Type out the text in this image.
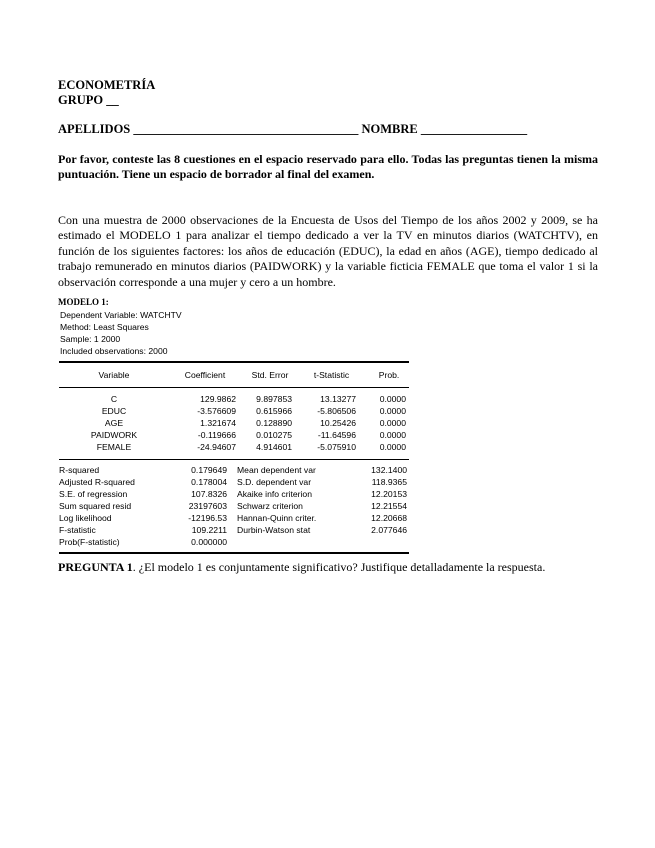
ECONOMETRÍA
GRUPO __
APELLIDOS ____________________________________ NOMBRE _________________
Por favor, conteste las 8 cuestiones en el espacio reservado para ello. Todas las preguntas tienen la misma puntuación. Tiene un espacio de borrador al final del examen.
Con una muestra de 2000 observaciones de la Encuesta de Usos del Tiempo de los años 2002 y 2009, se ha estimado el MODELO 1 para analizar el tiempo dedicado a ver la TV en minutos diarios (WATCHTV), en función de los siguientes factores: los años de educación (EDUC), la edad en años (AGE), tiempo dedicado al trabajo remunerado en minutos diarios (PAIDWORK) y la variable ficticia FEMALE que toma el valor 1 si la observación corresponde a una mujer y cero a un hombre.
MODELO 1:
Dependent Variable: WATCHTV
Method: Least Squares
Sample: 1 2000
Included observations: 2000
Variable	Coefficient	Std. Error	t-Statistic	Prob.
C	129.9862	9.897853	13.13277	0.0000
EDUC	-3.576609	0.615966	-5.806506	0.0000
AGE	1.321674	0.128890	10.25426	0.0000
PAIDWORK	-0.119666	0.010275	-11.64596	0.0000
FEMALE	-24.94607	4.914601	-5.075910	0.0000
R-squared	0.179649 Mean dependent var	132.1400
Adjusted R-squared	0.178004 S.D. dependent var	118.9365
S.E. of regression	107.8326 Akaike info criterion	12.20153
Sum squared resid	23197603 Schwarz criterion	12.21554
Log likelihood	-12196.53 Hannan-Quinn criter.	12.20668
F-statistic	109.2211 Durbin-Watson stat	2.077646
Prob(F-statistic)	0.000000
PREGUNTA 1. ¿El modelo 1 es conjuntamente significativo? Justifique detalladamente la respuesta.
